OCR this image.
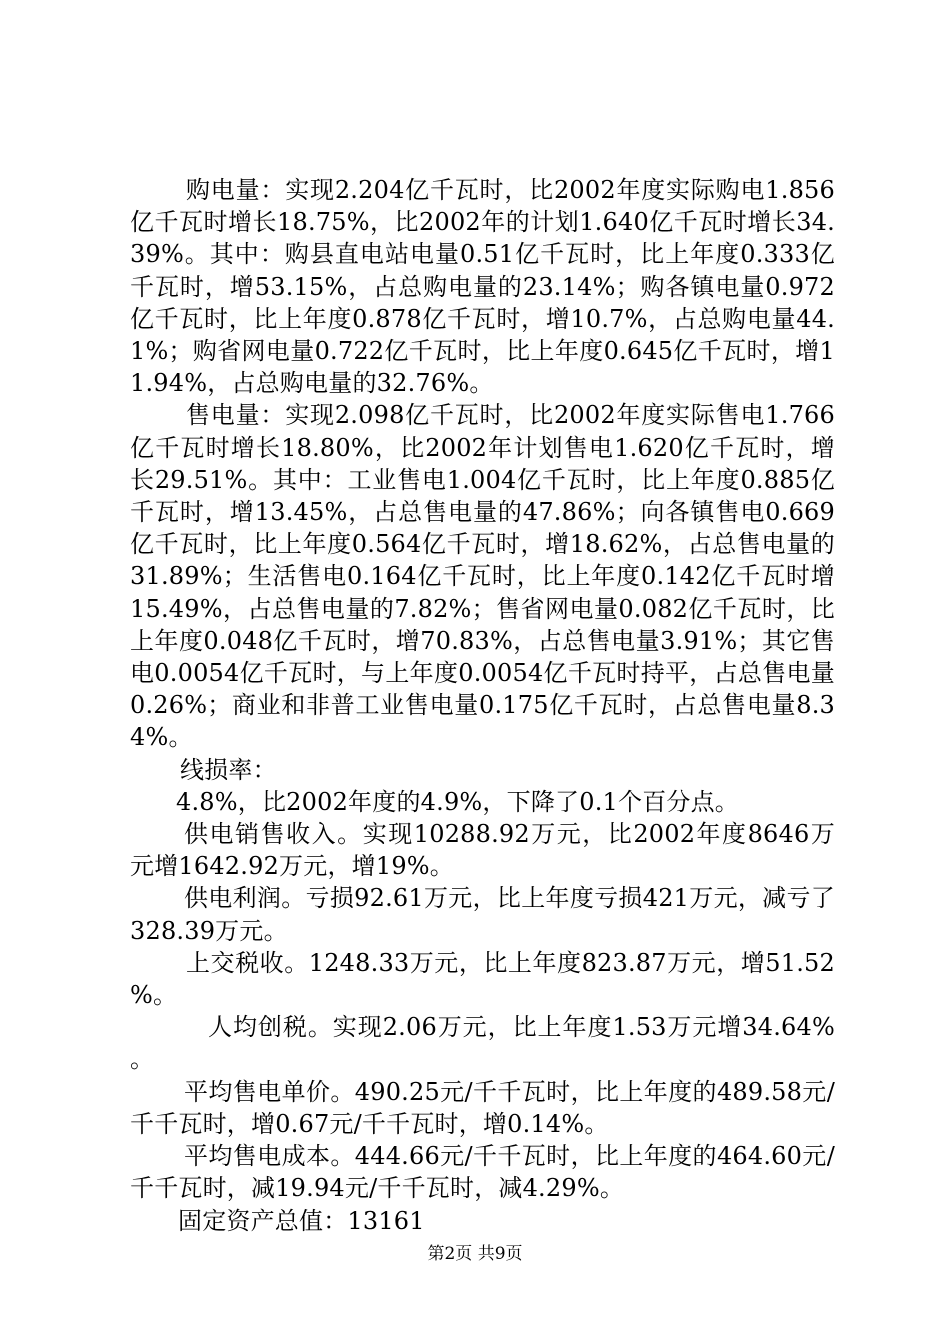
购电量：实现2.204亿千瓦时，比2002年度实际购电1.856亿千瓦时增长18.75%，比2002年的计划1.640亿千瓦时增长34.39%。其中：购县直电站电量0.51亿千瓦时，比上年度0.333亿千瓦时，增53.15%，占总购电量的23.14%；购各镇电量0.972亿千瓦时，比上年度0.878亿千瓦时，增10.7%，占总购电量44.1%；购省网电量0.722亿千瓦时，比上年度0.645亿千瓦时，增11.94%，占总购电量的32.76%。

售电量：实现2.098亿千瓦时，比2002年度实际售电1.766亿千瓦时增长18.80%，比2002年计划售电1.620亿千瓦时，增长29.51%。其中：工业售电1.004亿千瓦时，比上年度0.885亿千瓦时，增13.45%，占总售电量的47.86%；向各镇售电0.669亿千瓦时，比上年度0.564亿千瓦时，增18.62%，占总售电量的31.89%；生活售电0.164亿千瓦时，比上年度0.142亿千瓦时增15.49%，占总售电量的7.82%；售省网电量0.082亿千瓦时，比上年度0.048亿千瓦时，增70.83%，占总售电量3.91%；其它售电0.0054亿千瓦时，与上年度0.0054亿千瓦时持平，占总售电量0.26%；商业和非普工业售电量0.175亿千瓦时，占总售电量8.34%。

线损率：

4.8%，比2002年度的4.9%，下降了0.1个百分点。

供电销售收入。实现10288.92万元，比2002年度8646万元增1642.92万元，增19%。

供电利润。亏损92.61万元，比上年度亏损421万元，减亏了328.39万元。

上交税收。1248.33万元，比上年度823.87万元，增51.52%。

人均创税。实现2.06万元，比上年度1.53万元增34.64%。

平均售电单价。490.25元/千千瓦时，比上年度的489.58元/千千瓦时，增0.67元/千千瓦时，增0.14%。

平均售电成本。444.66元/千千瓦时，比上年度的464.60元/千千瓦时，减19.94元/千千瓦时，减4.29%。

固定资产总值：13161

第2页 共9页
